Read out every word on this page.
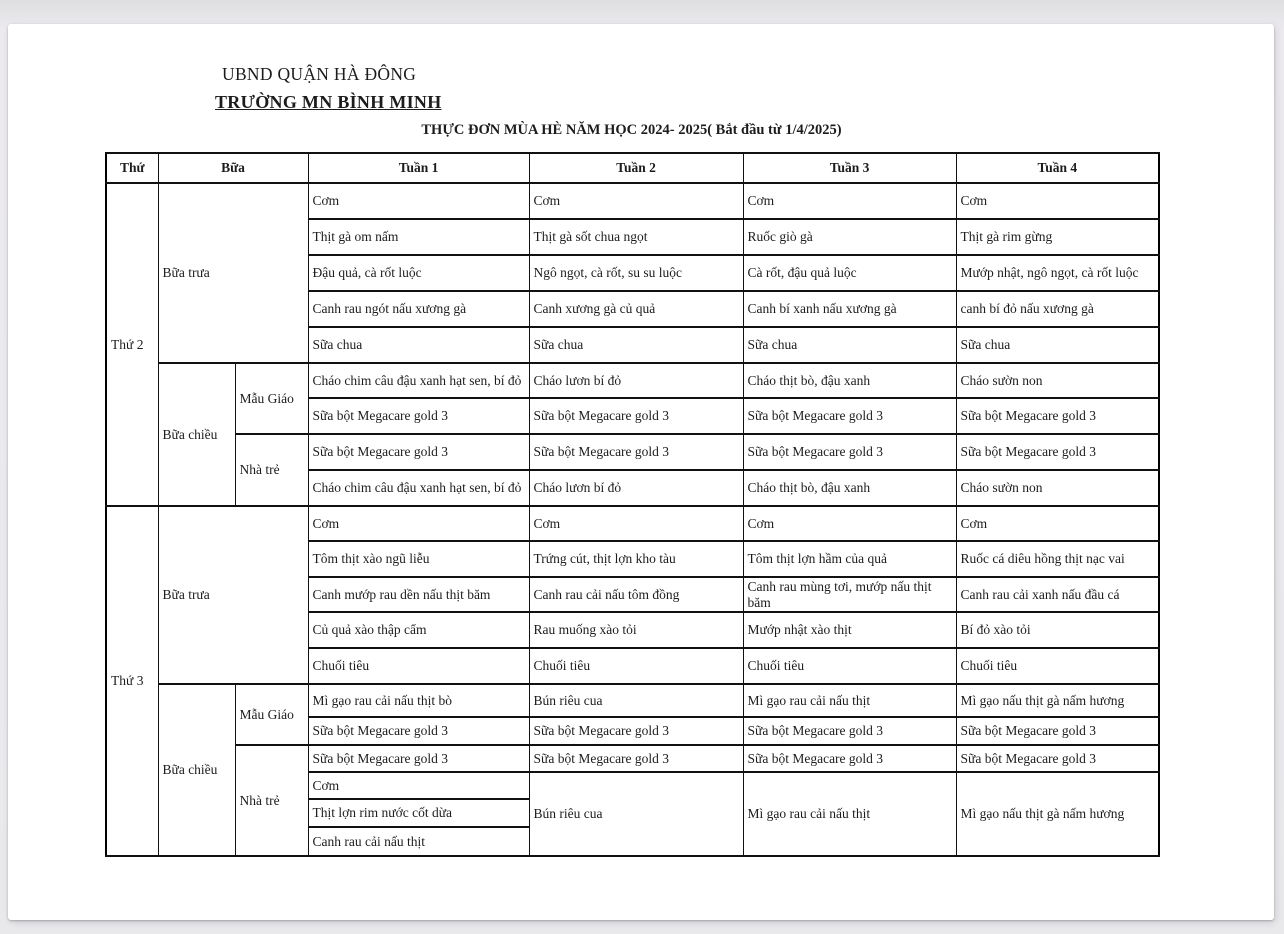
UBND QUẬN HÀ ĐÔNG
TRƯỜNG MN BÌNH MINH
THỰC ĐƠN MÙA HÈ NĂM HỌC 2024- 2025( Bắt đầu từ 1/4/2025)
Thứ	Bữa		Tuần 1	Tuần 2	Tuần 3	Tuần 4
Thứ 2	Bữa trưa		Cơm	Cơm	Cơm	Cơm
			Thịt gà om nấm	Thịt gà sốt chua ngọt	Ruốc giò gà	Thịt gà rim gừng
			Đậu quả, cà rốt luộc	Ngô ngọt, cà rốt, su su luộc	Cà rốt, đậu quả luộc	Mướp nhật, ngô ngọt, cà rốt luộc
			Canh rau ngót nấu xương gà	Canh xương gà củ quả	Canh bí xanh nấu xương gà	canh bí đỏ nấu xương gà
			Sữa chua	Sữa chua	Sữa chua	Sữa chua
	Bữa chiều	Mẫu Giáo	Cháo chim câu đậu xanh hạt sen, bí đỏ	Cháo lươn bí đỏ	Cháo thịt bò, đậu xanh	Cháo sườn non
			Sữa bột Megacare gold 3	Sữa bột Megacare gold 3	Sữa bột Megacare gold 3	Sữa bột Megacare gold 3
		Nhà trẻ	Sữa bột Megacare gold 3	Sữa bột Megacare gold 3	Sữa bột Megacare gold 3	Sữa bột Megacare gold 3
			Cháo chim câu đậu xanh hạt sen, bí đỏ	Cháo lươn bí đỏ	Cháo thịt bò, đậu xanh	Cháo sườn non
Thứ 3	Bữa trưa		Cơm	Cơm	Cơm	Cơm
			Tôm thịt xào ngũ liễu	Trứng cút, thịt lợn kho tàu	Tôm thịt lợn hầm của quả	Ruốc cá diêu hồng thịt nạc vai
			Canh mướp rau dền nấu thịt băm	Canh rau cải nấu tôm đồng	Canh rau mùng tơi, mướp nấu thịt băm	Canh rau cải xanh nấu đầu cá
			Củ quả xào thập cẩm	Rau muống xào tỏi	Mướp nhật xào thịt	Bí đỏ xào tỏi
			Chuối tiêu	Chuối tiêu	Chuối tiêu	Chuối tiêu
	Bữa chiều	Mẫu Giáo	Mì gạo rau cải nấu thịt bò	Bún riêu cua	Mì gạo rau cải nấu thịt	Mì gạo nấu thịt gà nấm hương
			Sữa bột Megacare gold 3	Sữa bột Megacare gold 3	Sữa bột Megacare gold 3	Sữa bột Megacare gold 3
		Nhà trẻ	Sữa bột Megacare gold 3	Sữa bột Megacare gold 3	Sữa bột Megacare gold 3	Sữa bột Megacare gold 3
			Cơm	Bún riêu cua	Mì gạo rau cải nấu thịt	Mì gạo nấu thịt gà nấm hương
			Thịt lợn rim nước cốt dừa			
			Canh rau cải nấu thịt			
